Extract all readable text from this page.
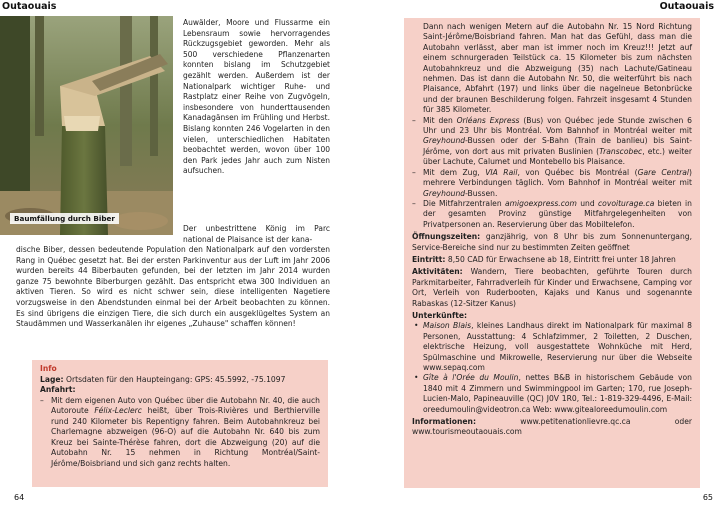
Outaouais
Baumfällung durch Biber

Auwälder, Moore und Flussarme ein Lebensraum sowie hervorragendes Rückzugsgebiet geworden. Mehr als 500 verschiedene Pflanzenarten konnten bislang im Schutzgebiet gezählt werden. Außerdem ist der Nationalpark wichtiger Ruhe- und Rastplatz einer Reihe von Zugvögeln, insbesondere von hunderttausenden Kanadagänsen im Frühling und Herbst. Bislang konnten 246 Vogelarten in den vielen, unterschiedlichen Habitaten beobachtet werden, wovon über 100 den Park jedes Jahr auch zum Nisten aufsuchen.

Der unbestrittene König im Parc national de Plaisance ist der kana-

dische Biber, dessen bedeutende Population den Nationalpark auf den vordersten Rang in Québec gesetzt hat. Bei der ersten Parkinventur aus der Luft im Jahr 2006 wurden bereits 44 Biberbauten gefunden, bei der letzten im Jahr 2014 wurden ganze 75 bewohnte Biberburgen gezählt. Das entspricht etwa 300 Individuen an aktiven Tieren. So wird es nicht schwer sein, diese intelligenten Nagetiere vorzugsweise in den Abendstunden einmal bei der Arbeit beobachten zu können. Es sind übrigens die einzigen Tiere, die sich durch ein ausgeklügeltes System an Staudämmen und Wasserkanälen ihr eigenes „Zuhause" schaffen können!

Info

Lage: Ortsdaten für den Haupteingang: GPS: 45.5992, -75.1097

Anfahrt:

– Mit dem eigenen Auto von Québec über die Autobahn Nr. 40, die auch Autoroute Félix-Leclerc heißt, über Trois-Rivières und Berthierville rund 240 Kilometer bis Repentigny fahren. Beim Autobahnkreuz bei Charlemagne abzweigen (96-O) auf die Autobahn Nr. 640 bis zum Kreuz bei Sainte-Thérèse fahren, dort die Abzweigung (20) auf die Autobahn Nr. 15 nehmen in Richtung Montréal/Saint-Jérôme/Boisbriand und sich ganz rechts halten.
64
Outaouais

Dann nach wenigen Metern auf die Autobahn Nr. 15 Nord Richtung Saint-Jérôme/Boisbriand fahren. Man hat das Gefühl, dass man die Autobahn verlässt, aber man ist immer noch im Kreuz!!! Jetzt auf einem schnurgeraden Teilstück ca. 15 Kilometer bis zum nächsten Autobahnkreuz und die Abzweigung (35) nach Lachute/Gatineau nehmen. Das ist dann die Autobahn Nr. 50, die weiterführt bis nach Plaisance, Abfahrt (197) und links über die nagelneue Betonbrücke und der braunen Beschilderung folgen. Fahrzeit insgesamt 4 Stunden für 385 Kilometer.

– Mit den Orléans Express (Bus) von Québec jede Stunde zwischen 6 Uhr und 23 Uhr bis Montréal. Vom Bahnhof in Montréal weiter mit Greyhound-Bussen oder der S-Bahn (Train de banlieu) bis Saint-Jérôme, von dort aus mit privaten Buslinien (Transcobec, etc.) weiter über Lachute, Calumet und Montebello bis Plaisance.
– Mit dem Zug, VIA Rail, von Québec bis Montréal (Gare Central) mehrere Verbindungen täglich. Vom Bahnhof in Montréal weiter mit Greyhound-Bussen.
– Die Mitfahrzentralen amigoexpress.com und covoiturage.ca bieten in der gesamten Provinz günstige Mitfahrgelegenheiten von Privatpersonen an. Reservierung über das Mobiltelefon.

Öffnungszeiten: ganzjährig, von 8 Uhr bis zum Sonnenuntergang, Service-Bereiche sind nur zu bestimmten Zeiten geöffnet

Eintritt: 8,50 CAD für Erwachsene ab 18, Eintritt frei unter 18 Jahren

Aktivitäten: Wandern, Tiere beobachten, geführte Touren durch Parkmitarbeiter, Fahrradverleih für Kinder und Erwachsene, Camping vor Ort, Verleih von Ruderbooten, Kajaks und Kanus und sogenannte Rabaskas (12-Sitzer Kanus)

Unterkünfte:

• Maison Blais, kleines Landhaus direkt im Nationalpark für maximal 8 Personen, Ausstattung: 4 Schlafzimmer, 2 Toiletten, 2 Duschen, elektrische Heizung, voll ausgestattete Wohnküche mit Herd, Spülmaschine und Mikrowelle, Reservierung nur über die Webseite www.sepaq.com
• Gîte à l'Orée du Moulin, nettes B&B in historischem Gebäude von 1840 mit 4 Zimmern und Swimmingpool im Garten; 170, rue Joseph-Lucien-Malo, Papineauville (QC) J0V 1R0, Tel.: 1-819-329-4496, E-Mail: oreedumoulin@videotron.ca Web: www.gitealoreedumoulin.com

Informationen:	www.petitenationlievre.qc.ca oder www.tourismeoutaouais.com

65
